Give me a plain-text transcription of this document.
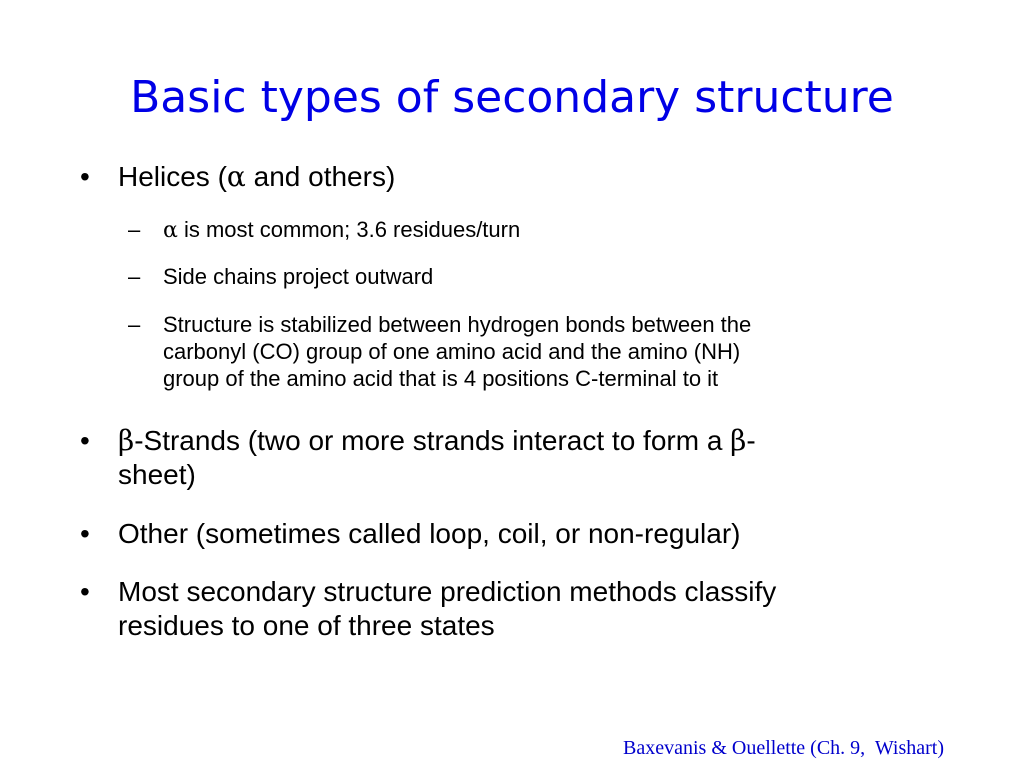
Basic types of secondary structure
• Helices (α and others)
– α is most common; 3.6 residues/turn
– Side chains project outward
– Structure is stabilized between hydrogen bonds between the
carbonyl (CO) group of one amino acid and the amino (NH)
group of the amino acid that is 4 positions C-terminal to it
• β-Strands (two or more strands interact to form a β-
sheet)
• Other (sometimes called loop, coil, or non-regular)
• Most secondary structure prediction methods classify
residues to one of three states
Baxevanis & Ouellette (Ch. 9,  Wishart)
